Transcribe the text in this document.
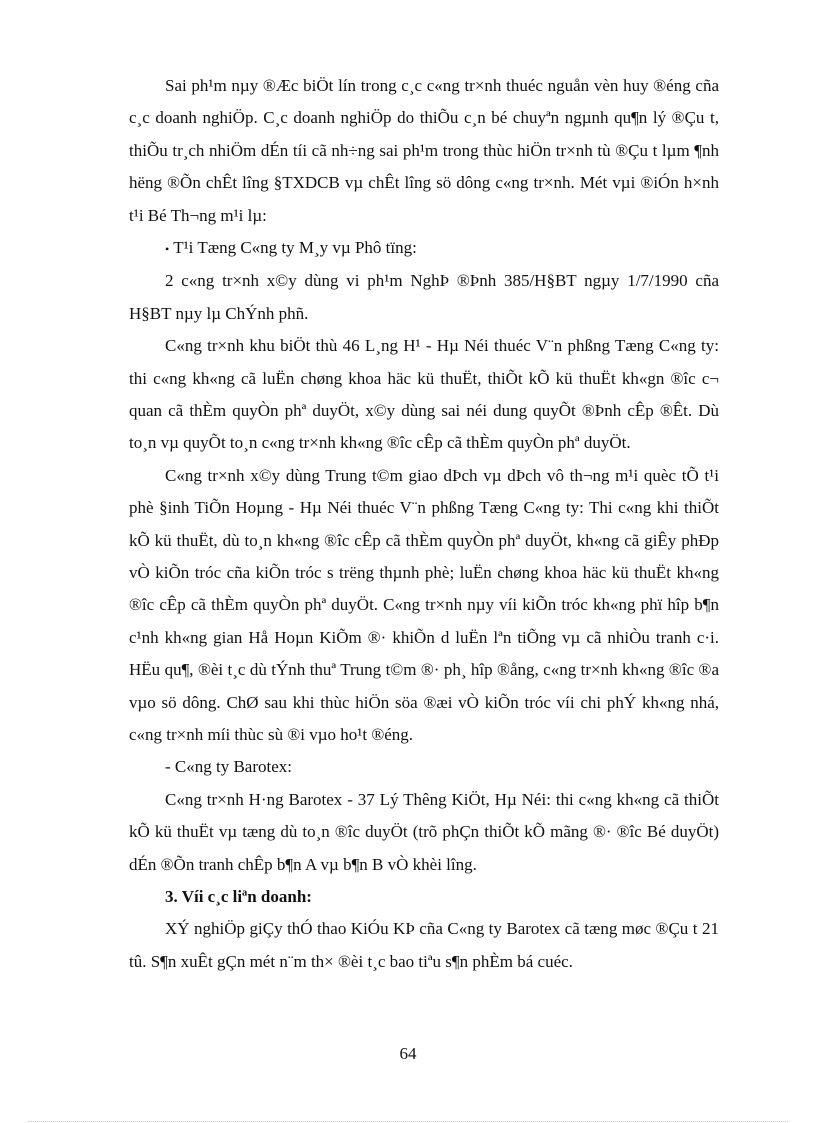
Sai ph¹m nµy ®Æc biÖt lín trong c¸c c«ng tr×nh thuéc nguån vèn huy ®éng cña c¸c doanh nghiÖp. C¸c doanh nghiÖp do thiÕu c¸n bé chuyªn ngµnh qu¶n lý ®Çu t, thiÕu tr¸ch nhiÖm dÉn tíi cã nh÷ng sai ph¹m trong thùc hiÖn tr×nh tù ®Çu t lµm ¶nh hëng ®Õn chÊt lîng §TXDCB vµ chÊt lîng sö dông c«ng tr×nh. Mét vµi ®iÓn h×nh t¹i Bé Th¬ng m¹i lµ:

• T¹i Tæng C«ng ty M¸y vµ Phô tïng:

2 c«ng tr×nh x©y dùng vi ph¹m NghÞ ®Þnh 385/H§BT ngµy 1/7/1990 cña H§BT nµy lµ ChÝnh phñ.

C«ng tr×nh khu biÖt thù 46 L¸ng H¹ - Hµ Néi thuéc V¨n phßng Tæng C«ng ty: thi c«ng kh«ng cã luËn chøng khoa häc kü thuËt, thiÕt kÕ kü thuËt kh«gn ®îc c¬ quan cã thÈm quyÒn phª duyÖt, x©y dùng sai néi dung quyÕt ®Þnh cÊp ®Êt. Dù to¸n vµ quyÕt to¸n c«ng tr×nh kh«ng ®îc cÊp cã thÈm quyÒn phª duyÖt.

C«ng tr×nh x©y dùng Trung t©m giao dÞch vµ dÞch vô th¬ng m¹i quèc tÕ t¹i phè §inh TiÕn Hoµng - Hµ Néi thuéc V¨n phßng Tæng C«ng ty: Thi c«ng khi thiÕt kÕ kü thuËt, dù to¸n kh«ng ®îc cÊp cã thÈm quyÒn phª duyÖt, kh«ng cã giÊy phÐp vÒ kiÕn tróc cña kiÕn tróc s trëng thµnh phè; luËn chøng khoa häc kü thuËt kh«ng ®îc cÊp cã thÈm quyÒn phª duyÖt. C«ng tr×nh nµy víi kiÕn tróc kh«ng phï hîp b¶n c¹nh kh«ng gian Hå Hoµn KiÕm ®· khiÕn d luËn lªn tiÕng vµ cã nhiÒu tranh c·i. HËu qu¶, ®èi t¸c dù tÝnh thuª Trung t©m ®· ph¸ hîp ®ång, c«ng tr×nh kh«ng ®îc ®a vµo sö dông. ChØ sau khi thùc hiÖn söa ®æi vÒ kiÕn tróc víi chi phÝ kh«ng nhá, c«ng tr×nh míi thùc sù ®i vµo ho¹t ®éng.

- C«ng ty Barotex:

C«ng tr×nh H·ng Barotex - 37 Lý Thêng KiÖt, Hµ Néi: thi c«ng kh«ng cã thiÕt kÕ kü thuËt vµ tæng dù to¸n ®îc duyÖt (trõ phÇn thiÕt kÕ mãng ®· ®îc Bé duyÖt) dÉn ®Õn tranh chÊp b¶n A vµ b¶n B vÒ khèi lîng.

3. Víi c¸c liªn doanh:

XÝ nghiÖp giÇy thÓ thao KiÓu KÞ cña C«ng ty Barotex cã tæng møc ®Çu t 21 tû. S¶n xuÊt gÇn mét n¨m th× ®èi t¸c bao tiªu s¶n phÈm bá cuéc.

64
